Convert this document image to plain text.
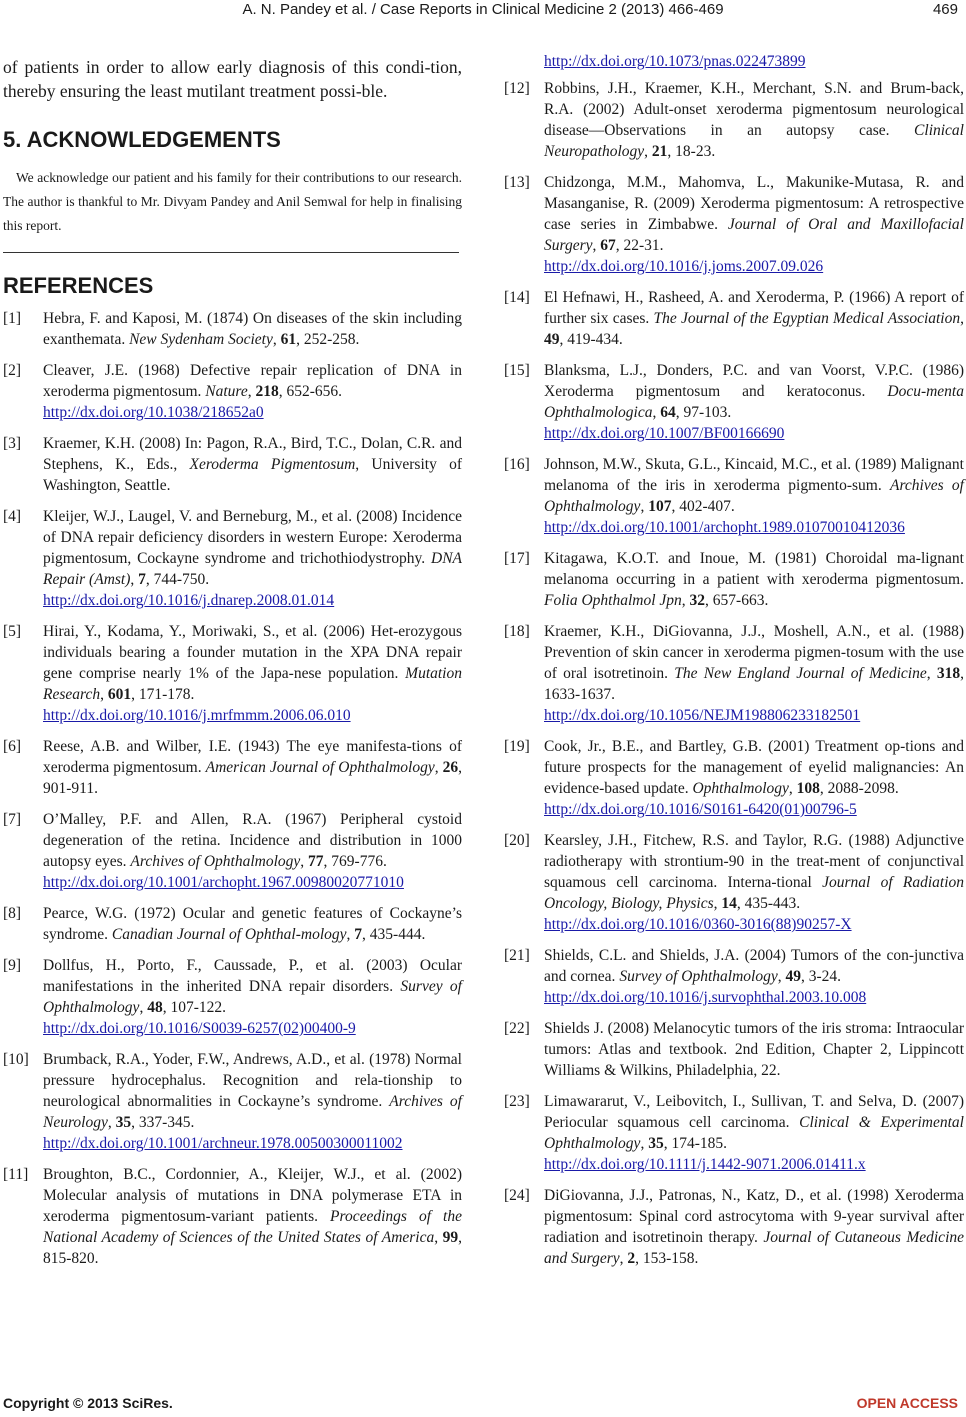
A. N. Pandey et al. / Case Reports in Clinical Medicine 2 (2013) 466-469	469

of patients in order to allow early diagnosis of this condi-tion, thereby ensuring the least mutilant treatment possi-ble.

5. ACKNOWLEDGEMENTS

We acknowledge our patient and his family for their contributions to our research. The author is thankful to Mr. Divyam Pandey and Anil Semwal for help in finalising this report.

REFERENCES
[1]	Hebra, F. and Kaposi, M. (1874) On diseases of the skin including exanthemata. New Sydenham Society, 61, 252-258.
[2]	Cleaver, J.E. (1968) Defective repair replication of DNA in xeroderma pigmentosum. Nature, 218, 652-656.
http://dx.doi.org/10.1038/218652a0
[3]	Kraemer, K.H. (2008) In: Pagon, R.A., Bird, T.C., Dolan, C.R. and Stephens, K., Eds., Xeroderma Pigmentosum, University of Washington, Seattle.
[4]	Kleijer, W.J., Laugel, V. and Berneburg, M., et al. (2008) Incidence of DNA repair deficiency disorders in western Europe: Xeroderma pigmentosum, Cockayne syndrome and trichothiodystrophy. DNA Repair (Amst), 7, 744-750.
http://dx.doi.org/10.1016/j.dnarep.2008.01.014
[5]	Hirai, Y., Kodama, Y., Moriwaki, S., et al. (2006) Het-erozygous individuals bearing a founder mutation in the XPA DNA repair gene comprise nearly 1% of the Japa-nese population. Mutation Research, 601, 171-178.
http://dx.doi.org/10.1016/j.mrfmmm.2006.06.010
[6]	Reese, A.B. and Wilber, I.E. (1943) The eye manifesta-tions of xeroderma pigmentosum. American Journal of Ophthalmology, 26, 901-911.
[7]	O’Malley, P.F. and Allen, R.A. (1967) Peripheral cystoid degeneration of the retina. Incidence and distribution in 1000 autopsy eyes. Archives of Ophthalmology, 77, 769-776.
http://dx.doi.org/10.1001/archopht.1967.00980020771010
[8]	Pearce, W.G. (1972) Ocular and genetic features of Cockayne’s syndrome. Canadian Journal of Ophthal-mology, 7, 435-444.
[9]	Dollfus, H., Porto, F., Caussade, P., et al. (2003) Ocular manifestations in the inherited DNA repair disorders. Survey of Ophthalmology, 48, 107-122.
http://dx.doi.org/10.1016/S0039-6257(02)00400-9
[10] Brumback, R.A., Yoder, F.W., Andrews, A.D., et al. (1978) Normal pressure hydrocephalus. Recognition and rela-tionship to neurological abnormalities in Cockayne’s syndrome. Archives of Neurology, 35, 337-345.
http://dx.doi.org/10.1001/archneur.1978.00500300011002
[11] Broughton, B.C., Cordonnier, A., Kleijer, W.J., et al. (2002) Molecular analysis of mutations in DNA polymerase ETA in xeroderma pigmentosum-variant patients. Proceedings of the National Academy of Sciences of the United States of America, 99, 815-820.
http://dx.doi.org/10.1073/pnas.022473899
[12] Robbins, J.H., Kraemer, K.H., Merchant, S.N. and Brum-back, R.A. (2002) Adult-onset xeroderma pigmentosum neurological disease—Observations in an autopsy case. Clinical Neuropathology, 21, 18-23.
[13] Chidzonga, M.M., Mahomva, L., Makunike-Mutasa, R. and Masanganise, R. (2009) Xeroderma pigmentosum: A retrospective case series in Zimbabwe. Journal of Oral and Maxillofacial Surgery, 67, 22-31.
http://dx.doi.org/10.1016/j.joms.2007.09.026
[14] El Hefnawi, H., Rasheed, A. and Xeroderma, P. (1966) A report of further six cases. The Journal of the Egyptian Medical Association, 49, 419-434.
[15] Blanksma, L.J., Donders, P.C. and van Voorst, V.P.C. (1986) Xeroderma pigmentosum and keratoconus. Docu-menta Ophthalmologica, 64, 97-103.
http://dx.doi.org/10.1007/BF00166690
[16] Johnson, M.W., Skuta, G.L., Kincaid, M.C., et al. (1989) Malignant melanoma of the iris in xeroderma pigmento-sum. Archives of Ophthalmology, 107, 402-407.
http://dx.doi.org/10.1001/archopht.1989.01070010412036
[17] Kitagawa, K.O.T. and Inoue, M. (1981) Choroidal ma-lignant melanoma occurring in a patient with xeroderma pigmentosum. Folia Ophthalmol Jpn, 32, 657-663.
[18] Kraemer, K.H., DiGiovanna, J.J., Moshell, A.N., et al. (1988) Prevention of skin cancer in xeroderma pigmen-tosum with the use of oral isotretinoin. The New England Journal of Medicine, 318, 1633-1637.
http://dx.doi.org/10.1056/NEJM198806233182501
[19] Cook, Jr., B.E., and Bartley, G.B. (2001) Treatment op-tions and future prospects for the management of eyelid malignancies: An evidence-based update. Ophthalmology, 108, 2088-2098.
http://dx.doi.org/10.1016/S0161-6420(01)00796-5
[20] Kearsley, J.H., Fitchew, R.S. and Taylor, R.G. (1988) Adjunctive radiotherapy with strontium-90 in the treat-ment of conjunctival squamous cell carcinoma. Interna-tional Journal of Radiation Oncology, Biology, Physics, 14, 435-443.
http://dx.doi.org/10.1016/0360-3016(88)90257-X
[21] Shields, C.L. and Shields, J.A. (2004) Tumors of the con-junctiva and cornea. Survey of Ophthalmology, 49, 3-24.
http://dx.doi.org/10.1016/j.survophthal.2003.10.008
[22] Shields J. (2008) Melanocytic tumors of the iris stroma: Intraocular tumors: Atlas and textbook. 2nd Edition, Chapter 2, Lippincott Williams & Wilkins, Philadelphia, 22.
[23] Limawararut, V., Leibovitch, I., Sullivan, T. and Selva, D. (2007) Periocular squamous cell carcinoma. Clinical & Experimental Ophthalmology, 35, 174-185.
http://dx.doi.org/10.1111/j.1442-9071.2006.01411.x
[24] DiGiovanna, J.J., Patronas, N., Katz, D., et al. (1998) Xeroderma pigmentosum: Spinal cord astrocytoma with 9-year survival after radiation and isotretinoin therapy. Journal of Cutaneous Medicine and Surgery, 2, 153-158.
Copyright © 2013 SciRes.	OPEN ACCESS
